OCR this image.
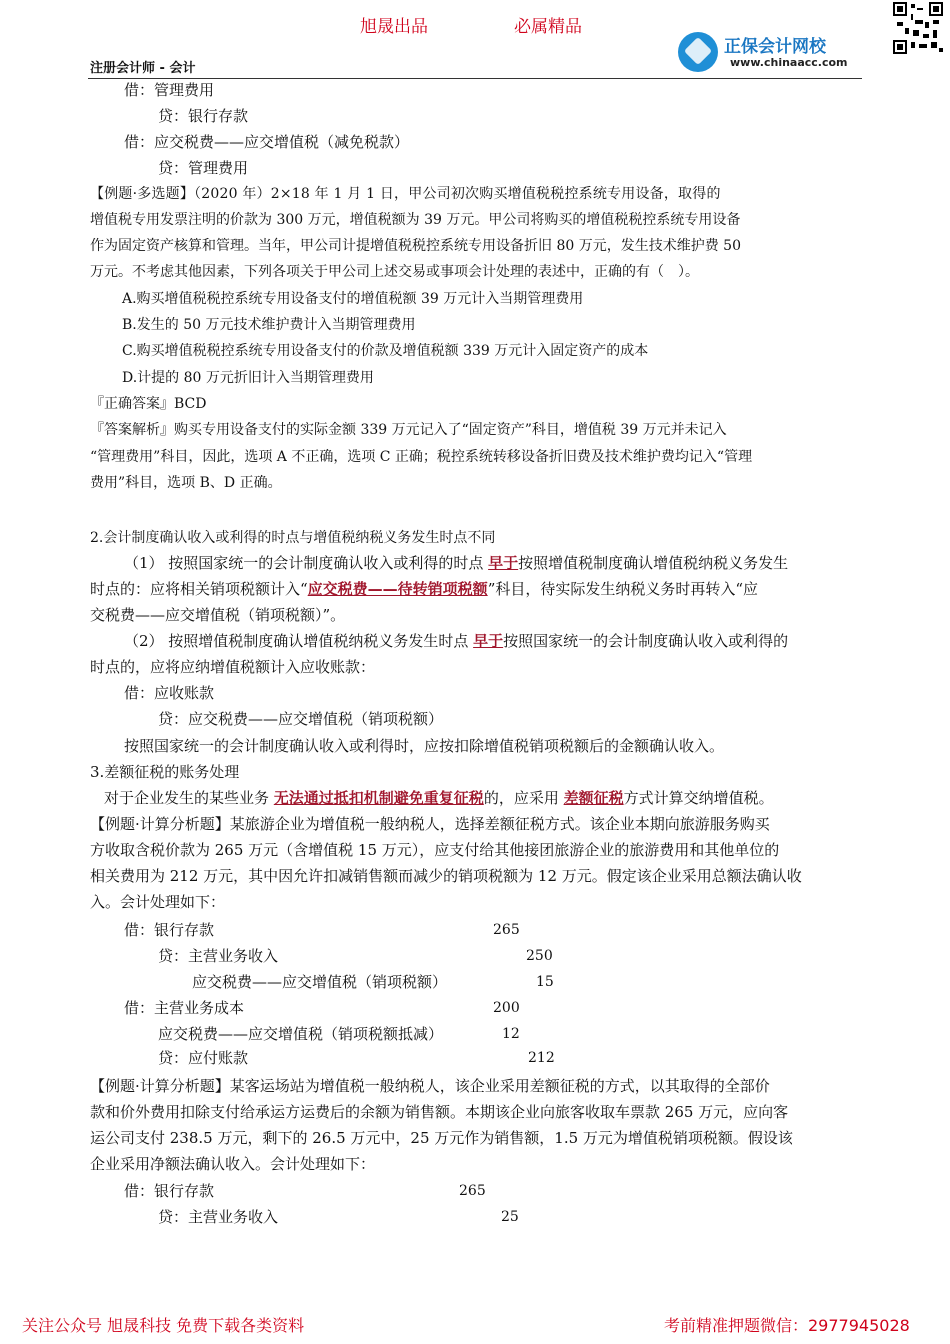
旭晟出品	必属精品
注册会计师 - 会计
正保会计网校
www.chinaacc.com
借：管理费用
贷：银行存款
借：应交税费——应交增值税（减免税款）
贷：管理费用
【例题·多选题】（2020 年）2×18 年 1 月 1 日，甲公司初次购买增值税税控系统专用设备，取得的
增值税专用发票注明的价款为 300 万元，增值税额为 39 万元。甲公司将购买的增值税税控系统专用设备
作为固定资产核算和管理。当年，甲公司计提增值税税控系统专用设备折旧 80 万元，发生技术维护费 50
万元。不考虑其他因素，下列各项关于甲公司上述交易或事项会计处理的表述中，正确的有（　）。
A.购买增值税税控系统专用设备支付的增值税额 39 万元计入当期管理费用
B.发生的 50 万元技术维护费计入当期管理费用
C.购买增值税税控系统专用设备支付的价款及增值税额 339 万元计入固定资产的成本
D.计提的 80 万元折旧计入当期管理费用
『正确答案』BCD
『答案解析』购买专用设备支付的实际金额 339 万元记入了“固定资产”科目，增值税 39 万元并未记入
“管理费用”科目，因此，选项 A 不正确，选项 C 正确；税控系统转移设备折旧费及技术维护费均记入“管理
费用”科目，选项 B、D 正确。
2.会计制度确认收入或利得的时点与增值税纳税义务发生时点不同
（1） 按照国家统一的会计制度确认收入或利得的时点 早于按照增值税制度确认增值税纳税义务发生
时点的：应将相关销项税额计入“应交税费——待转销项税额”科目，待实际发生纳税义务时再转入“应
交税费——应交增值税（销项税额）”。
（2） 按照增值税制度确认增值税纳税义务发生时点 早于按照国家统一的会计制度确认收入或利得的
时点的，应将应纳增值税额计入应收账款：
借：应收账款
贷：应交税费——应交增值税（销项税额）
按照国家统一的会计制度确认收入或利得时，应按扣除增值税销项税额后的金额确认收入。
3.差额征税的账务处理
对于企业发生的某些业务 无法通过抵扣机制避免重复征税的，应采用 差额征税方式计算交纳增值税。
【例题·计算分析题】某旅游企业为增值税一般纳税人，选择差额征税方式。该企业本期向旅游服务购买
方收取含税价款为 265 万元（含增值税 15 万元），应支付给其他接团旅游企业的旅游费用和其他单位的
相关费用为 212 万元，其中因允许扣减销售额而减少的销项税额为 12 万元。假定该企业采用总额法确认收
入。会计处理如下：
借：银行存款	265
贷：主营业务收入	250
应交税费——应交增值税（销项税额）	15
借：主营业务成本	200
应交税费——应交增值税（销项税额抵减）	12
贷：应付账款	212
【例题·计算分析题】某客运场站为增值税一般纳税人，该企业采用差额征税的方式，以其取得的全部价
款和价外费用扣除支付给承运方运费后的余额为销售额。本期该企业向旅客收取车票款 265 万元，应向客
运公司支付 238.5 万元，剩下的 26.5 万元中，25 万元作为销售额，1.5 万元为增值税销项税额。假设该
企业采用净额法确认收入。会计处理如下：
借：银行存款	265
贷：主营业务收入	25
关注公众号 旭晟科技 免费下载各类资料	考前精准押题微信：2977945028
